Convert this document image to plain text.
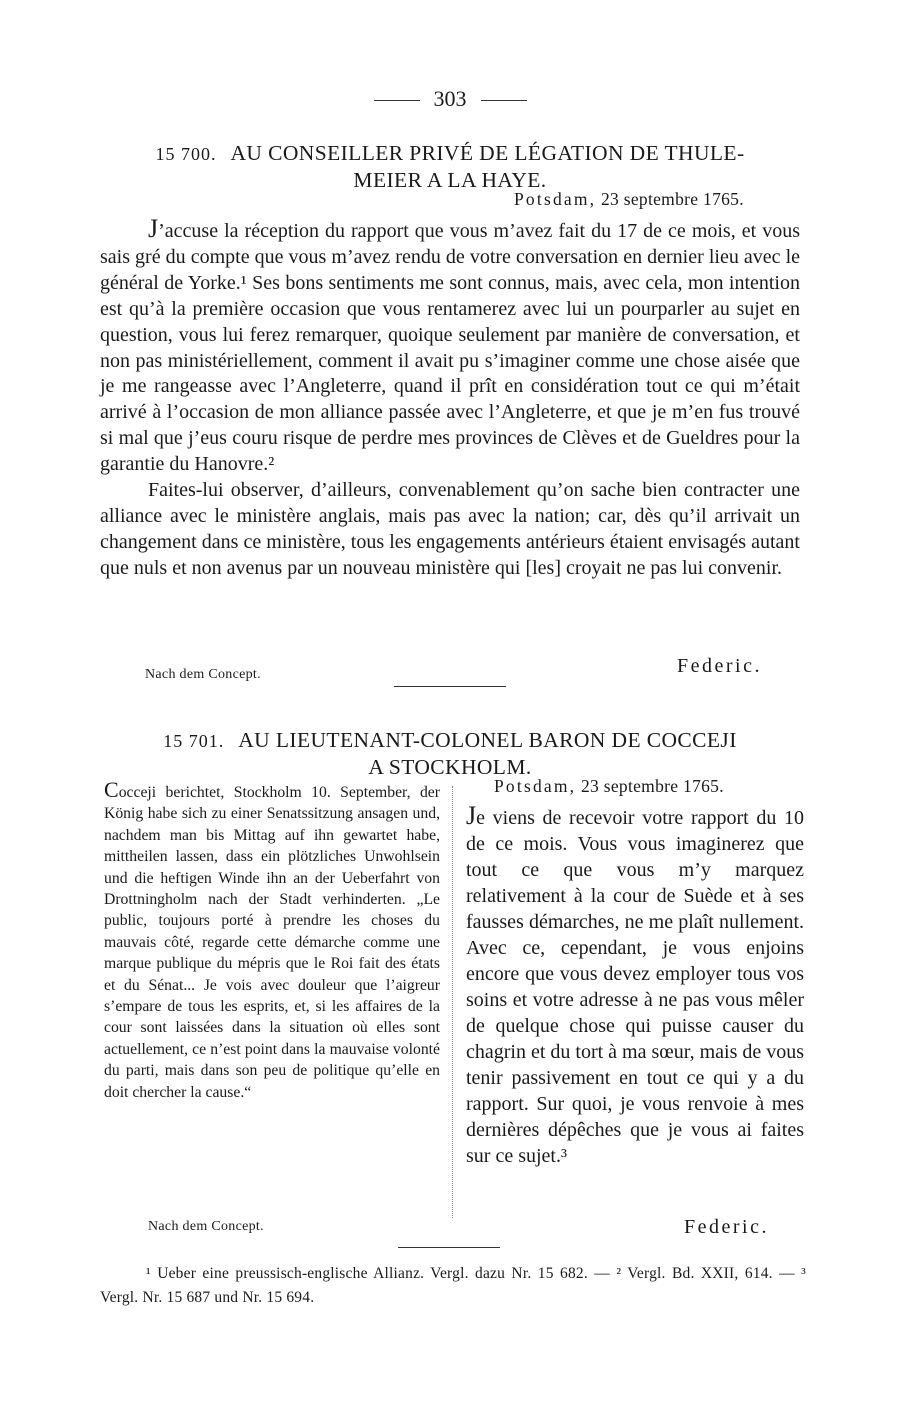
303
15 700. AU CONSEILLER PRIVÉ DE LÉGATION DE THULE-
MEIER A LA HAYE.
Potsdam, 23 septembre 1765.

J’accuse la réception du rapport que vous m’avez fait du 17 de ce mois, et vous sais gré du compte que vous m’avez rendu de votre conversation en dernier lieu avec le général de Yorke.¹ Ses bons sentiments me sont connus, mais, avec cela, mon intention est qu’à la première occasion que vous rentamerez avec lui un pourparler au sujet en question, vous lui ferez remarquer, quoique seulement par manière de conversation, et non pas ministériellement, comment il avait pu s’imaginer comme une chose aisée que je me rangeasse avec l’Angleterre, quand il prît en considération tout ce qui m’était arrivé à l’occasion de mon alliance passée avec l’Angleterre, et que je m’en fus trouvé si mal que j’eus couru risque de perdre mes provinces de Clèves et de Gueldres pour la garantie du Hanovre.²

Faites-lui observer, d’ailleurs, convenablement qu’on sache bien contracter une alliance avec le ministère anglais, mais pas avec la nation; car, dès qu’il arrivait un changement dans ce ministère, tous les engagements antérieurs étaient envisagés autant que nuls et non avenus par un nouveau ministère qui [les] croyait ne pas lui convenir.

Nach dem Concept.	Federic.
15 701. AU LIEUTENANT-COLONEL BARON DE COCCEJI
A STOCKHOLM.

Cocceji berichtet, Stockholm 10. September, der König habe sich zu einer Senatssitzung ansagen und, nachdem man bis Mittag auf ihn gewartet habe, mittheilen lassen, dass ein plötzliches Unwohlsein und die heftigen Winde ihn an der Ueberfahrt von Drottningholm nach der Stadt verhinderten. „Le public, toujours porté à prendre les choses du mauvais côté, regarde cette démarche comme une marque publique du mépris que le Roi fait des états et du Sénat... Je vois avec douleur que l’aigreur s’empare de tous les esprits, et, si les affaires de la cour sont laissées dans la situation où elles sont actuellement, ce n’est point dans la mauvaise volonté du parti, mais dans son peu de politique qu’elle en doit chercher la cause.“

Potsdam, 23 septembre 1765.

Je viens de recevoir votre rapport du 10 de ce mois. Vous vous imaginerez que tout ce que vous m’y marquez relativement à la cour de Suède et à ses fausses démarches, ne me plaît nullement. Avec ce, cependant, je vous enjoins encore que vous devez employer tous vos soins et votre adresse à ne pas vous mêler de quelque chose qui puisse causer du chagrin et du tort à ma sœur, mais de vous tenir passivement en tout ce qui y a du rapport. Sur quoi, je vous renvoie à mes dernières dépêches que je vous ai faites sur ce sujet.³

Nach dem Concept.	Federic.

¹ Ueber eine preussisch-englische Allianz. Vergl. dazu Nr. 15 682. — ² Vergl. Bd. XXII, 614. — ³ Vergl. Nr. 15 687 und Nr. 15 694.
